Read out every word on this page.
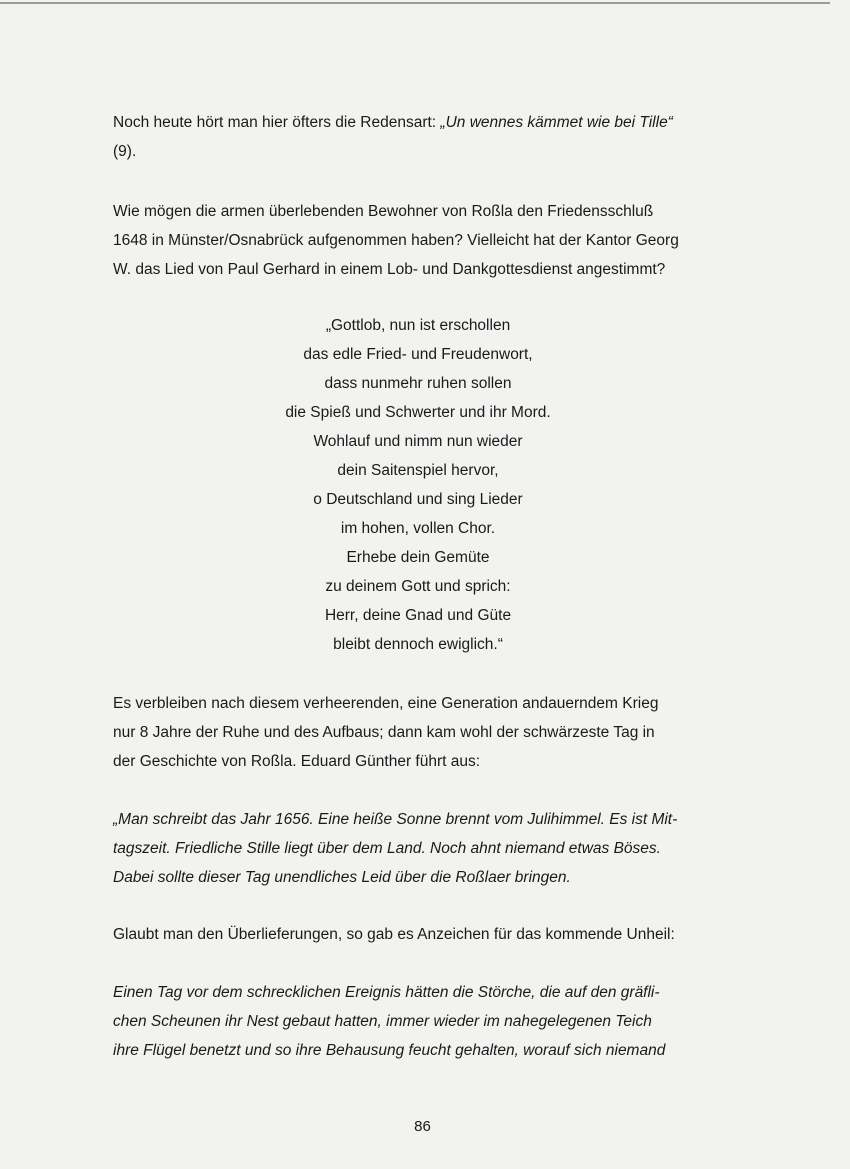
Noch heute hört man hier öfters die Redensart: „Un wennes kämmet wie bei Tille“
(9).
Wie mögen die armen überlebenden Bewohner von Roßla den Friedensschluß
1648 in Münster/Osnabrück aufgenommen haben? Vielleicht hat der Kantor Georg
W. das Lied von Paul Gerhard in einem Lob- und Dankgottesdienst angestimmt?
„Gottlob, nun ist erschollen
das edle Fried- und Freudenwort,
dass nunmehr ruhen sollen
die Spieß und Schwerter und ihr Mord.
Wohlauf und nimm nun wieder
dein Saitenspiel hervor,
o Deutschland und sing Lieder
im hohen, vollen Chor.
Erhebe dein Gemüte
zu deinem Gott und sprich:
Herr, deine Gnad und Güte
bleibt dennoch ewiglich.“
Es verbleiben nach diesem verheerenden, eine Generation andauerndem Krieg
nur 8 Jahre der Ruhe und des Aufbaus; dann kam wohl der schwärzeste Tag in
der Geschichte von Roßla. Eduard Günther führt aus:
„Man schreibt das Jahr 1656. Eine heiße Sonne brennt vom Julihimmel. Es ist Mit-
tagszeit. Friedliche Stille liegt über dem Land. Noch ahnt niemand etwas Böses.
Dabei sollte dieser Tag unendliches Leid über die Roßlaer bringen.
Glaubt man den Überlieferungen, so gab es Anzeichen für das kommende Unheil:
Einen Tag vor dem schrecklichen Ereignis hätten die Störche, die auf den gräfli-
chen Scheunen ihr Nest gebaut hatten, immer wieder im nahegelegenen Teich
ihre Flügel benetzt und so ihre Behausung feucht gehalten, worauf sich niemand
86
